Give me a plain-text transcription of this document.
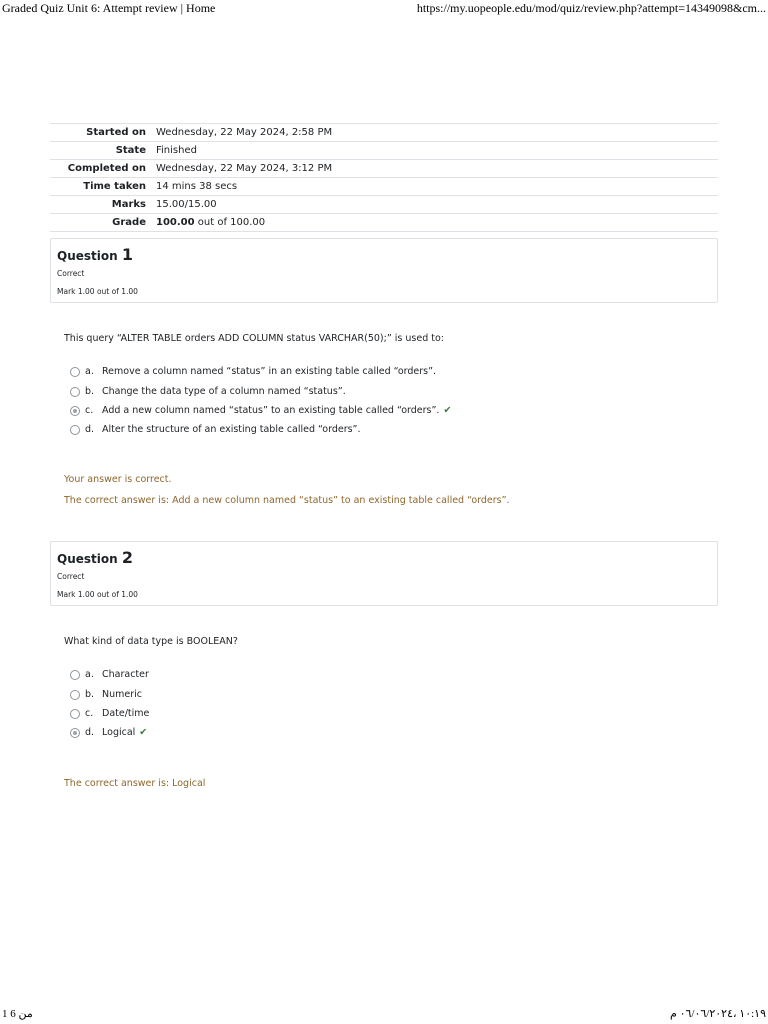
Graded Quiz Unit 6: Attempt review | Home	https://my.uopeople.edu/mod/quiz/review.php?attempt=14349098&cm...
Started on	Wednesday, 22 May 2024, 2:58 PM
State	Finished
Completed on	Wednesday, 22 May 2024, 3:12 PM
Time taken	14 mins 38 secs
Marks	15.00/15.00
Grade	100.00 out of 100.00
Question 1
Correct
Mark 1.00 out of 1.00
This query “ALTER TABLE orders ADD COLUMN status VARCHAR(50);” is used to:
a. Remove a column named “status” in an existing table called “orders”.
b. Change the data type of a column named “status”.
c. Add a new column named “status” to an existing table called “orders”. ✔
d. Alter the structure of an existing table called “orders”.
Your answer is correct.
The correct answer is: Add a new column named “status” to an existing table called “orders”.
Question 2
Correct
Mark 1.00 out of 1.00
What kind of data type is BOOLEAN?
a. Character
b. Numeric
c. Date/time
d. Logical ✔
The correct answer is: Logical
1 من 6	١٠:١٩ ،٠٦/٠٦/٢٠٢٤ م
